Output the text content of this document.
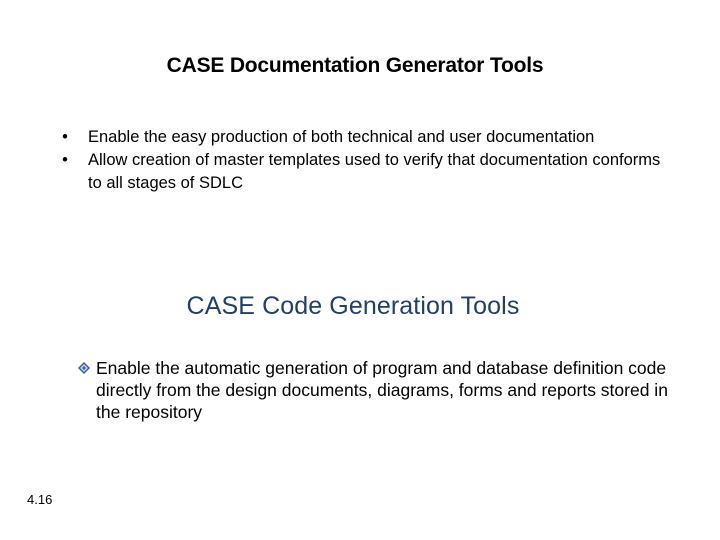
CASE Documentation Generator Tools
• Enable the easy production of both technical and user documentation
• Allow creation of master templates used to verify that documentation conforms to all stages of SDLC
CASE Code Generation Tools
Enable the automatic generation of program and database definition code directly from the design documents, diagrams, forms and reports stored in the repository

4.16
